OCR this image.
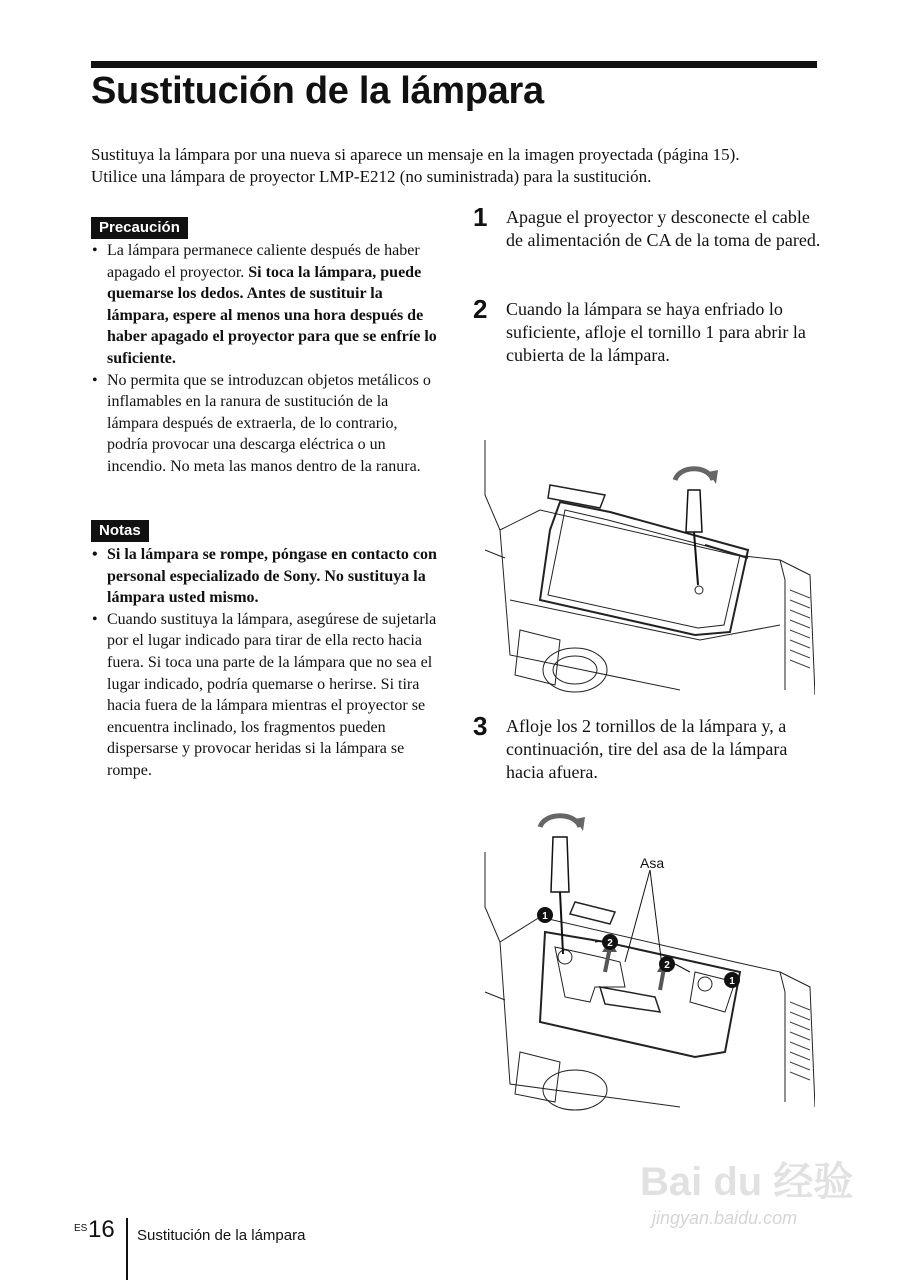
Sustitución de la lámpara

Sustituya la lámpara por una nueva si aparece un mensaje en la imagen proyectada (página 15).

Utilice una lámpara de proyector LMP-E212 (no suministrada) para la sustitución.

Precaución
• La lámpara permanece caliente después de haber apagado el proyector. Si toca la lámpara, puede quemarse los dedos. Antes de sustituir la lámpara, espere al menos una hora después de haber apagado el proyector para que se enfríe lo suficiente.
• No permita que se introduzcan objetos metálicos o inflamables en la ranura de sustitución de la lámpara después de extraerla, de lo contrario, podría provocar una descarga eléctrica o un incendio. No meta las manos dentro de la ranura.
Notas
• Si la lámpara se rompe, póngase en contacto con personal especializado de Sony. No sustituya la lámpara usted mismo.
• Cuando sustituya la lámpara, asegúrese de sujetarla por el lugar indicado para tirar de ella recto hacia fuera. Si toca una parte de la lámpara que no sea el lugar indicado, podría quemarse o herirse. Si tira hacia fuera de la lámpara mientras el proyector se encuentra inclinado, los fragmentos pueden dispersarse y provocar heridas si la lámpara se rompe.
1 Apague el proyector y desconecte el cable de alimentación de CA de la toma de pared.
2 Cuando la lámpara se haya enfriado lo suficiente, afloje el tornillo 1 para abrir la cubierta de la lámpara.
3 Afloje los 2 tornillos de la lámpara y, a continuación, tire del asa de la lámpara hacia afuera.
Asa
1
2
2
1
Bai du 经验
jingyan.baidu.com
ES 16 Sustitución de la lámpara
